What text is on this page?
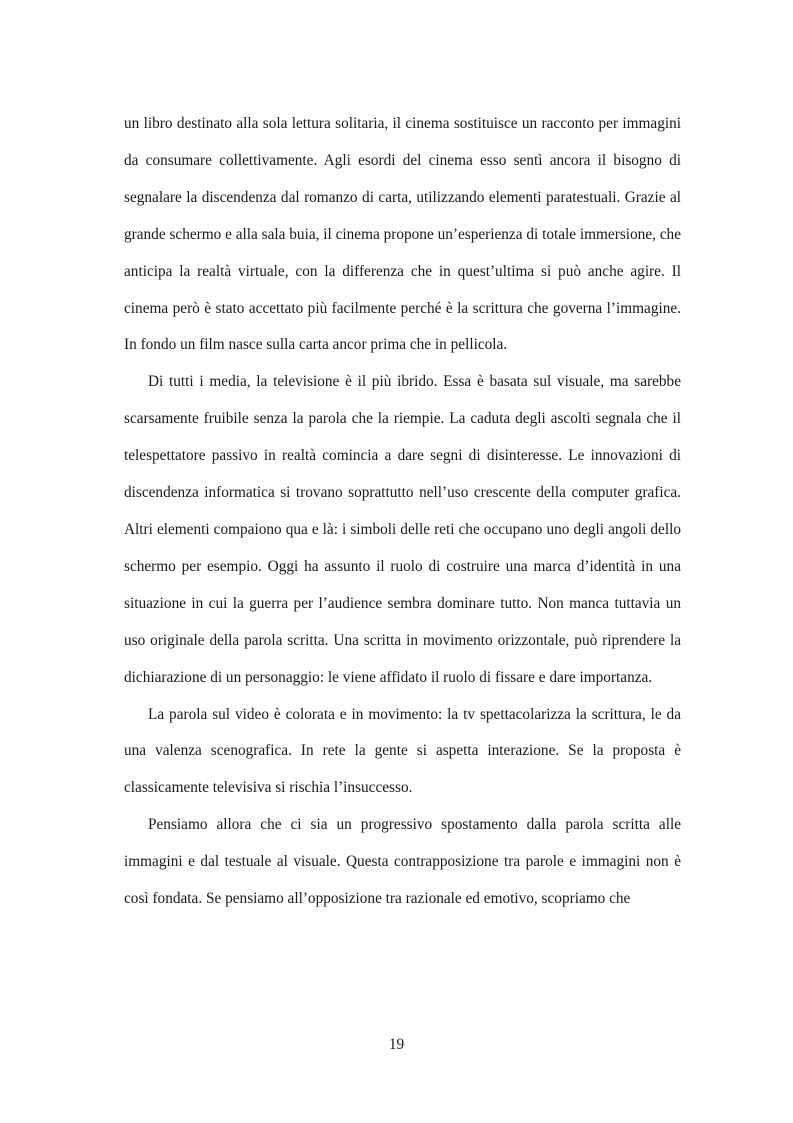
un libro destinato alla sola lettura solitaria, il cinema sostituisce un racconto per immagini da consumare collettivamente. Agli esordi del cinema esso sentì ancora il bisogno di segnalare la discendenza dal romanzo di carta, utilizzando elementi paratestuali. Grazie al grande schermo e alla sala buia, il cinema propone un’esperienza di totale immersione, che anticipa la realtà virtuale, con la differenza che in quest’ultima si può anche agire. Il cinema però è stato accettato più facilmente perché è la scrittura che governa l’immagine. In fondo un film nasce sulla carta ancor prima che in pellicola.

Di tutti i media, la televisione è il più ibrido. Essa è basata sul visuale, ma sarebbe scarsamente fruibile senza la parola che la riempie. La caduta degli ascolti segnala che il telespettatore passivo in realtà comincia a dare segni di disinteresse. Le innovazioni di discendenza informatica si trovano soprattutto nell’uso crescente della computer grafica. Altri elementi compaiono qua e là: i simboli delle reti che occupano uno degli angoli dello schermo per esempio. Oggi ha assunto il ruolo di costruire una marca d’identità in una situazione in cui la guerra per l’audience sembra dominare tutto. Non manca tuttavia un uso originale della parola scritta. Una scritta in movimento orizzontale, può riprendere la dichiarazione di un personaggio: le viene affidato il ruolo di fissare e dare importanza.

La parola sul video è colorata e in movimento: la tv spettacolarizza la scrittura, le da una valenza scenografica. In rete la gente si aspetta interazione. Se la proposta è classicamente televisiva si rischia l’insuccesso.

Pensiamo allora che ci sia un progressivo spostamento dalla parola scritta alle immagini e dal testuale al visuale. Questa contrapposizione tra parole e immagini non è così fondata. Se pensiamo all’opposizione tra razionale ed emotivo, scopriamo che

19
